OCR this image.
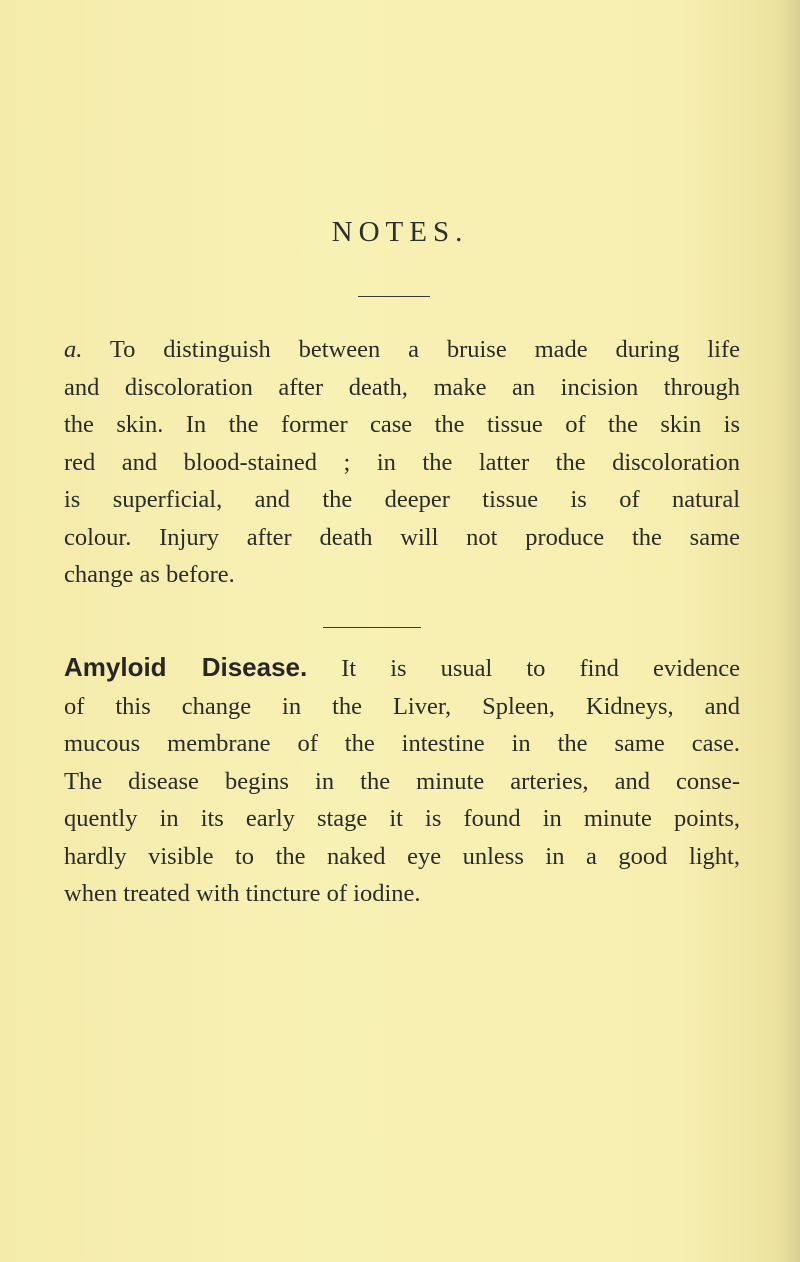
NOTES.
a. To distinguish between a bruise made during life
and discoloration after death, make an incision through
the skin. In the former case the tissue of the skin is
red and blood-stained ; in the latter the discoloration
is superficial, and the deeper tissue is of natural
colour. Injury after death will not produce the same
change as before.
Amyloid Disease. It is usual to find evidence
of this change in the Liver, Spleen, Kidneys, and
mucous membrane of the intestine in the same case.
The disease begins in the minute arteries, and conse-
quently in its early stage it is found in minute points,
hardly visible to the naked eye unless in a good light,
when treated with tincture of iodine.
